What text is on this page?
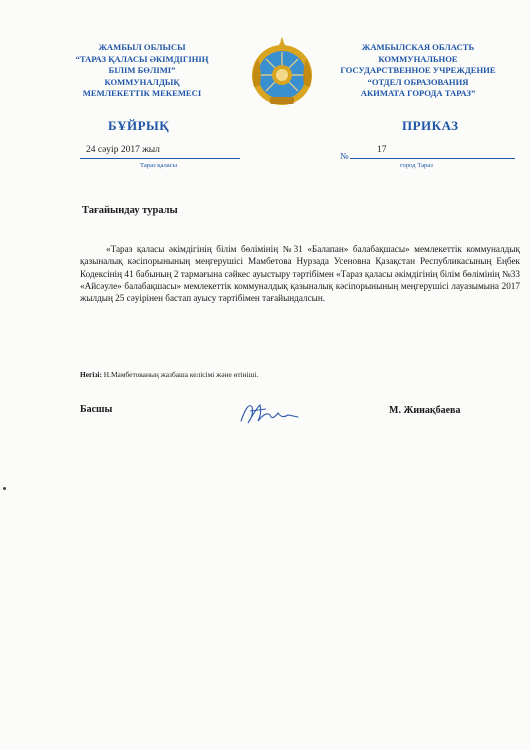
ЖАМБЫЛ ОБЛЫСЫ
“ТАРАЗ ҚАЛАСЫ ӘКІМДІГІНІҢ
БІЛІМ БӨЛІМІ”
КОММУНАЛДЫҚ
МЕМЛЕКЕТТІК МЕКЕМЕСІ
ЖАМБЫЛСКАЯ ОБЛАСТЬ
КОММУНАЛЬНОЕ
ГОСУДАРСТВЕННОЕ УЧРЕЖДЕНИЕ
“ОТДЕЛ ОБРАЗОВАНИЯ
АКИМАТА ГОРОДА ТАРАЗ”
БҰЙРЫҚ	ПРИКАЗ
24 сәуір 2017 жыл
№
17
Тараз қаласы	город Тараз
Тағайындау туралы
«Тараз қаласы әкімдігінің білім бөлімінің №31 «Балапан» балабақшасы» мемлекеттік коммуналдық қазыналық кәсіпорынының меңгерушісі Мамбетова Нурзада Усеновна Қазақстан Республикасының Еңбек Кодексінің 41 бабының 2 тармағына сәйкес ауыстыру тәртібімен «Тараз қаласы әкімдігінің білім бөлімінің №33 «Айсәуле» балабақшасы» мемлекеттік коммуналдық қазыналық кәсіпорынының меңгерушісі лауазымына 2017 жылдың 25 сәуірінен бастап ауысу тәртібімен тағайындалсын.
Негізі: Н.Мамбетованың жазбаша келісімі және өтініші.
Басшы	М. Жинақбаева
